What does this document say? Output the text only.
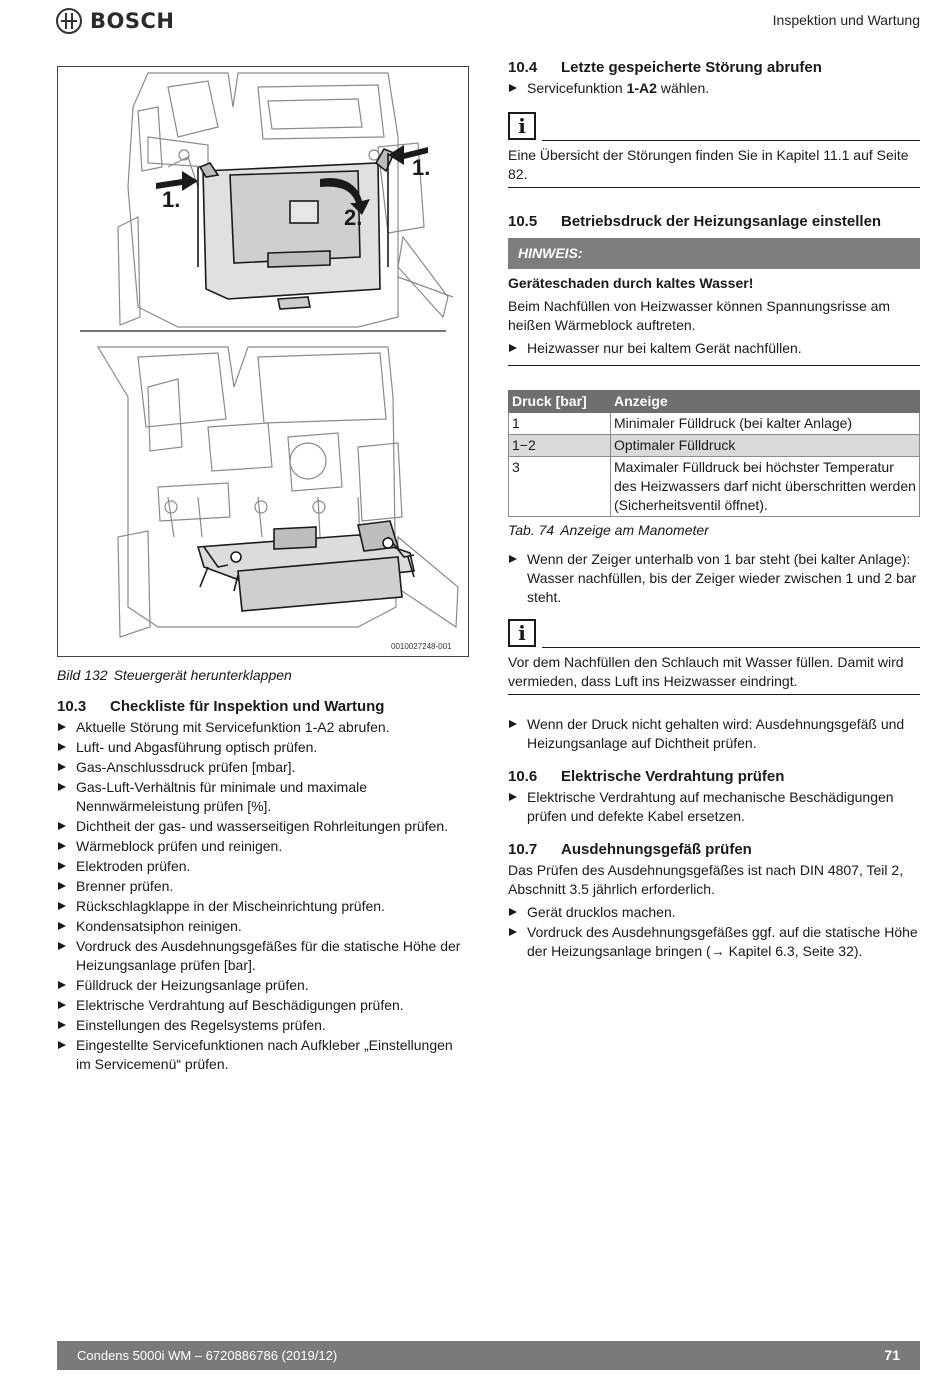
BOSCH	Inspektion und Wartung
1.
1.
2.
0010027248-001
Bild 132 Steuergerät herunterklappen
10.3	Checkliste für Inspektion und Wartung
Aktuelle Störung mit Servicefunktion 1-A2 abrufen.
Luft- und Abgasführung optisch prüfen.
Gas-Anschlussdruck prüfen [mbar].
Gas-Luft-Verhältnis für minimale und maximale Nennwärmeleistung prüfen [%].
Dichtheit der gas- und wasserseitigen Rohrleitungen prüfen.
Wärmeblock prüfen und reinigen.
Elektroden prüfen.
Brenner prüfen.
Rückschlagklappe in der Mischeinrichtung prüfen.
Kondensatsiphon reinigen.
Vordruck des Ausdehnungsgefäßes für die statische Höhe der Heizungsanlage prüfen [bar].
Fülldruck der Heizungsanlage prüfen.
Elektrische Verdrahtung auf Beschädigungen prüfen.
Einstellungen des Regelsystems prüfen.
Eingestellte Servicefunktionen nach Aufkleber „Einstellungen im Servicemenü“ prüfen.
10.4	Letzte gespeicherte Störung abrufen
Servicefunktion 1-A2 wählen.
i
Eine Übersicht der Störungen finden Sie in Kapitel 11.1 auf Seite 82.
10.5	Betriebsdruck der Heizungsanlage einstellen
HINWEIS:
Geräteschaden durch kaltes Wasser!

Beim Nachfüllen von Heizwasser können Spannungsrisse am heißen Wärmeblock auftreten.

Heizwasser nur bei kaltem Gerät nachfüllen.
Druck [bar]	Anzeige
1	Minimaler Fülldruck (bei kalter Anlage)
1−2	Optimaler Fülldruck
3	Maximaler Fülldruck bei höchster Temperatur des Heizwassers darf nicht überschritten werden (Sicherheitsventil öffnet).
Tab. 74 Anzeige am Manometer
Wenn der Zeiger unterhalb von 1 bar steht (bei kalter Anlage): Wasser nachfüllen, bis der Zeiger wieder zwischen 1 und 2 bar steht.
i
Vor dem Nachfüllen den Schlauch mit Wasser füllen. Damit wird vermieden, dass Luft ins Heizwasser eindringt.
Wenn der Druck nicht gehalten wird: Ausdehnungsgefäß und Heizungsanlage auf Dichtheit prüfen.
10.6	Elektrische Verdrahtung prüfen
Elektrische Verdrahtung auf mechanische Beschädigungen prüfen und defekte Kabel ersetzen.
10.7	Ausdehnungsgefäß prüfen

Das Prüfen des Ausdehnungsgefäßes ist nach DIN 4807, Teil 2, Abschnitt 3.5 jährlich erforderlich.

Gerät drucklos machen.
Vordruck des Ausdehnungsgefäßes ggf. auf die statische Höhe der Heizungsanlage bringen (→ Kapitel 6.3, Seite 32).
Condens 5000i WM – 6720886786 (2019/12)	71
